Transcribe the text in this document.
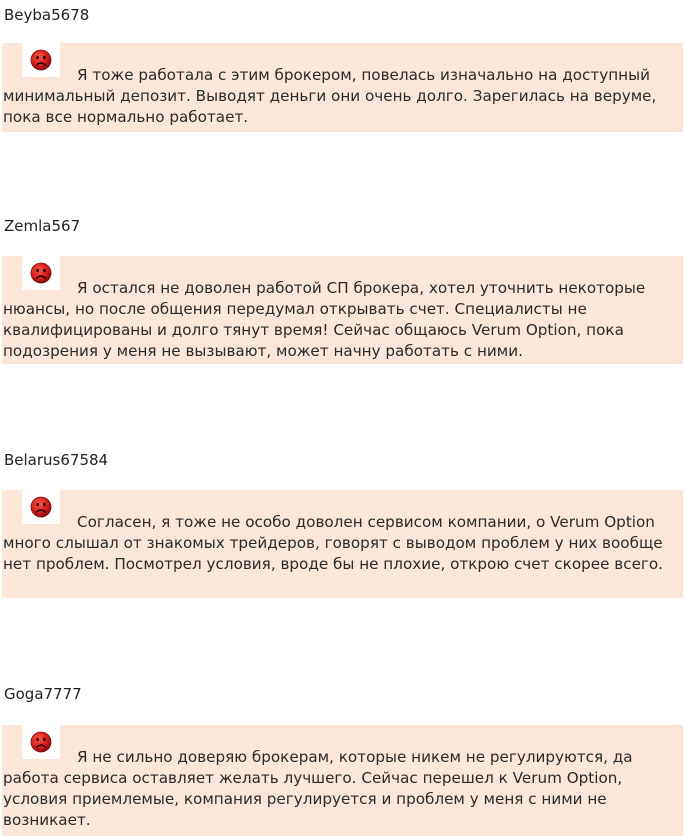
Beyba5678
Я тоже работала с этим брокером, повелась изначально на доступный минимальный депозит. Выводят деньги они очень долго. Зарегилась на веруме, пока все нормально работает.
Zemla567
Я остался не доволен работой СП брокера, хотел уточнить некоторые нюансы, но после общения передумал открывать счет. Специалисты не квалифицированы и долго тянут время! Сейчас общаюсь Verum Option, пока подозрения у меня не вызывают, может начну работать с ними.
Belarus67584
Согласен, я тоже не особо доволен сервисом компании, о Verum Option много слышал от знакомых трейдеров, говорят с выводом проблем у них вообще нет проблем. Посмотрел условия, вроде бы не плохие, открою счет скорее всего.
Goga7777
Я не сильно доверяю брокерам, которые никем не регулируются, да работа сервиса оставляет желать лучшего. Сейчас перешел к Verum Option, условия приемлемые, компания регулируется и проблем у меня с ними не возникает.
